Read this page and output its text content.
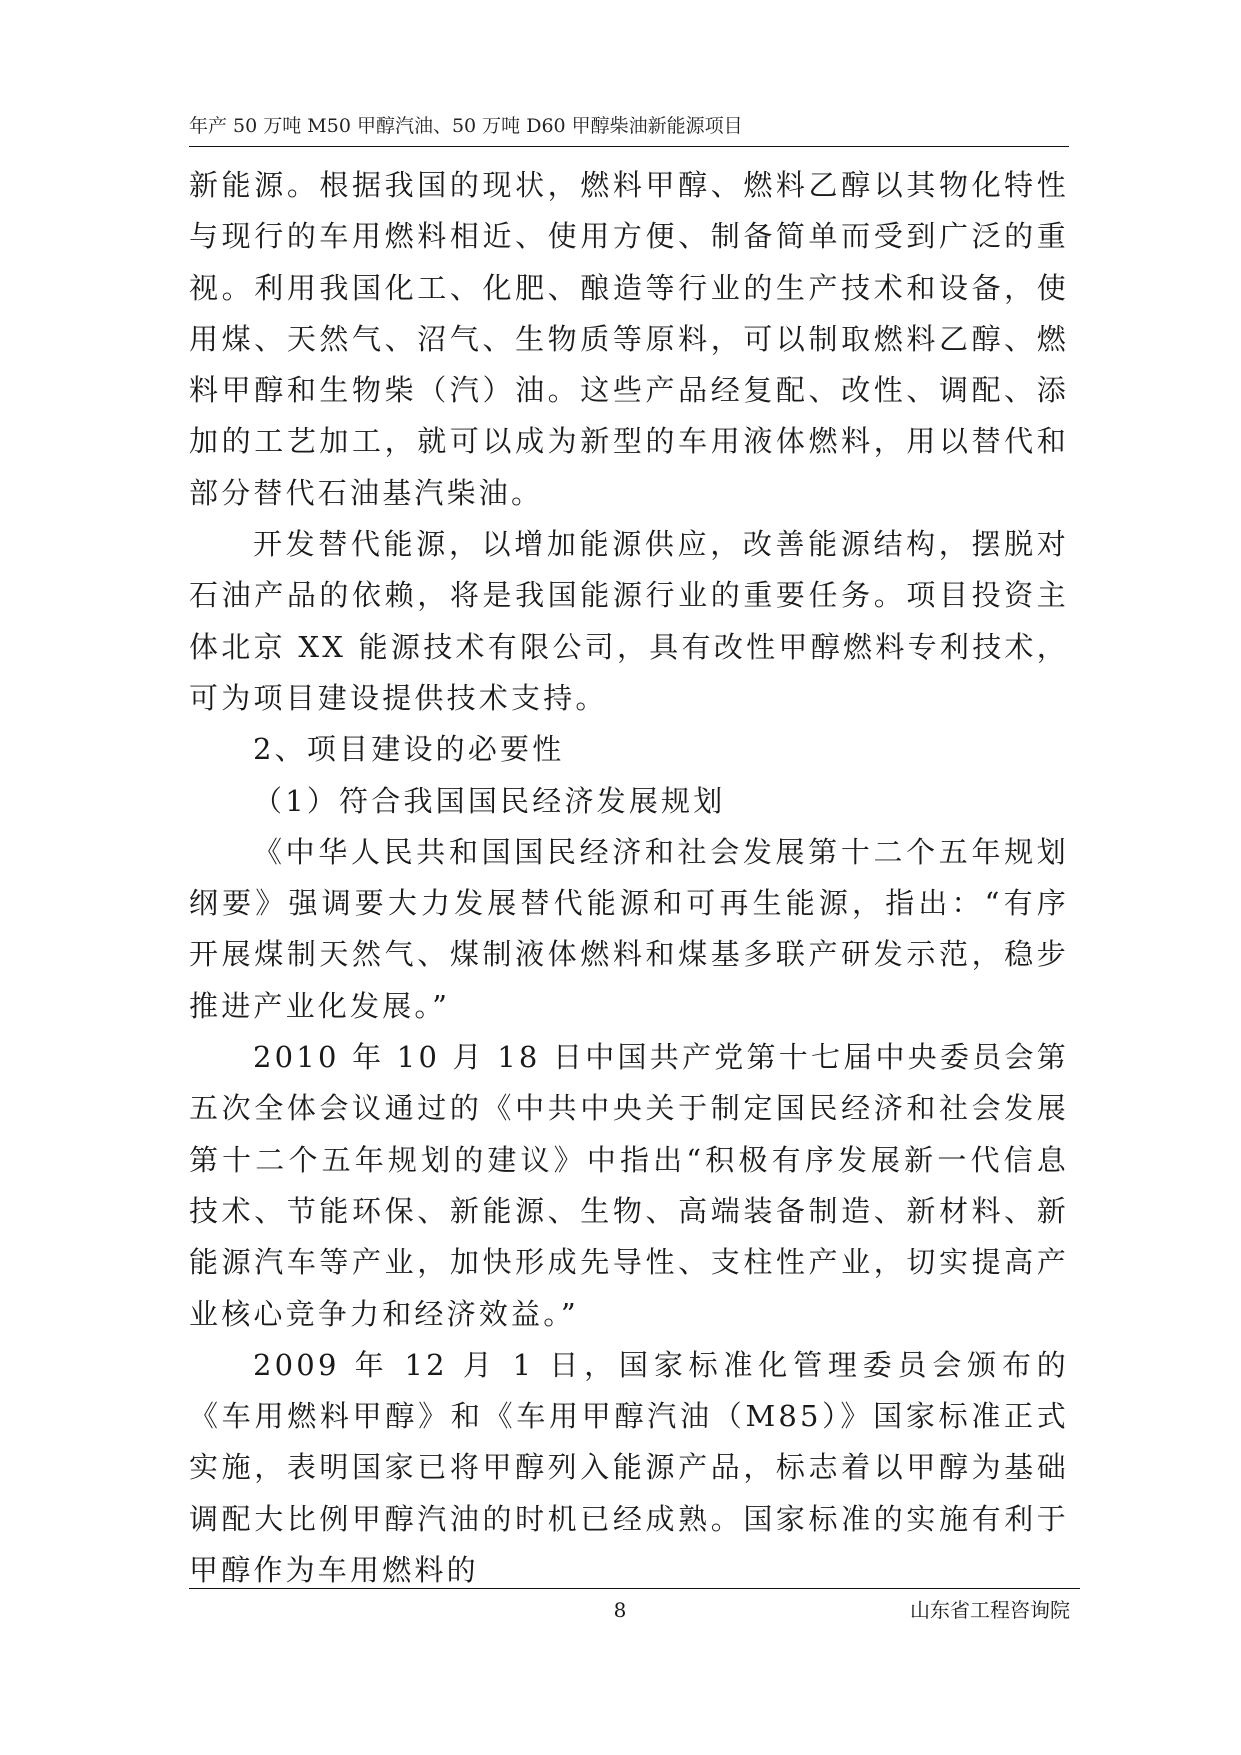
年产 50 万吨 M50 甲醇汽油、50 万吨 D60 甲醇柴油新能源项目

新能源。根据我国的现状，燃料甲醇、燃料乙醇以其物化特性与现行的车用燃料相近、使用方便、制备简单而受到广泛的重视。利用我国化工、化肥、酿造等行业的生产技术和设备，使用煤、天然气、沼气、生物质等原料，可以制取燃料乙醇、燃料甲醇和生物柴（汽）油。这些产品经复配、改性、调配、添加的工艺加工，就可以成为新型的车用液体燃料，用以替代和部分替代石油基汽柴油。

开发替代能源，以增加能源供应，改善能源结构，摆脱对石油产品的依赖，将是我国能源行业的重要任务。项目投资主体北京 XX 能源技术有限公司，具有改性甲醇燃料专利技术，可为项目建设提供技术支持。

2、项目建设的必要性

（1）符合我国国民经济发展规划

《中华人民共和国国民经济和社会发展第十二个五年规划纲要》强调要大力发展替代能源和可再生能源，指出：“有序开展煤制天然气、煤制液体燃料和煤基多联产研发示范，稳步推进产业化发展。”

2010 年 10 月 18 日中国共产党第十七届中央委员会第五次全体会议通过的《中共中央关于制定国民经济和社会发展第十二个五年规划的建议》中指出“积极有序发展新一代信息技术、节能环保、新能源、生物、高端装备制造、新材料、新能源汽车等产业，加快形成先导性、支柱性产业，切实提高产业核心竞争力和经济效益。”

2009 年 12 月 1 日，国家标准化管理委员会颁布的《车用燃料甲醇》和《车用甲醇汽油（M85）》国家标准正式实施，表明国家已将甲醇列入能源产品，标志着以甲醇为基础调配大比例甲醇汽油的时机已经成熟。国家标准的实施有利于甲醇作为车用燃料的

8	山东省工程咨询院
